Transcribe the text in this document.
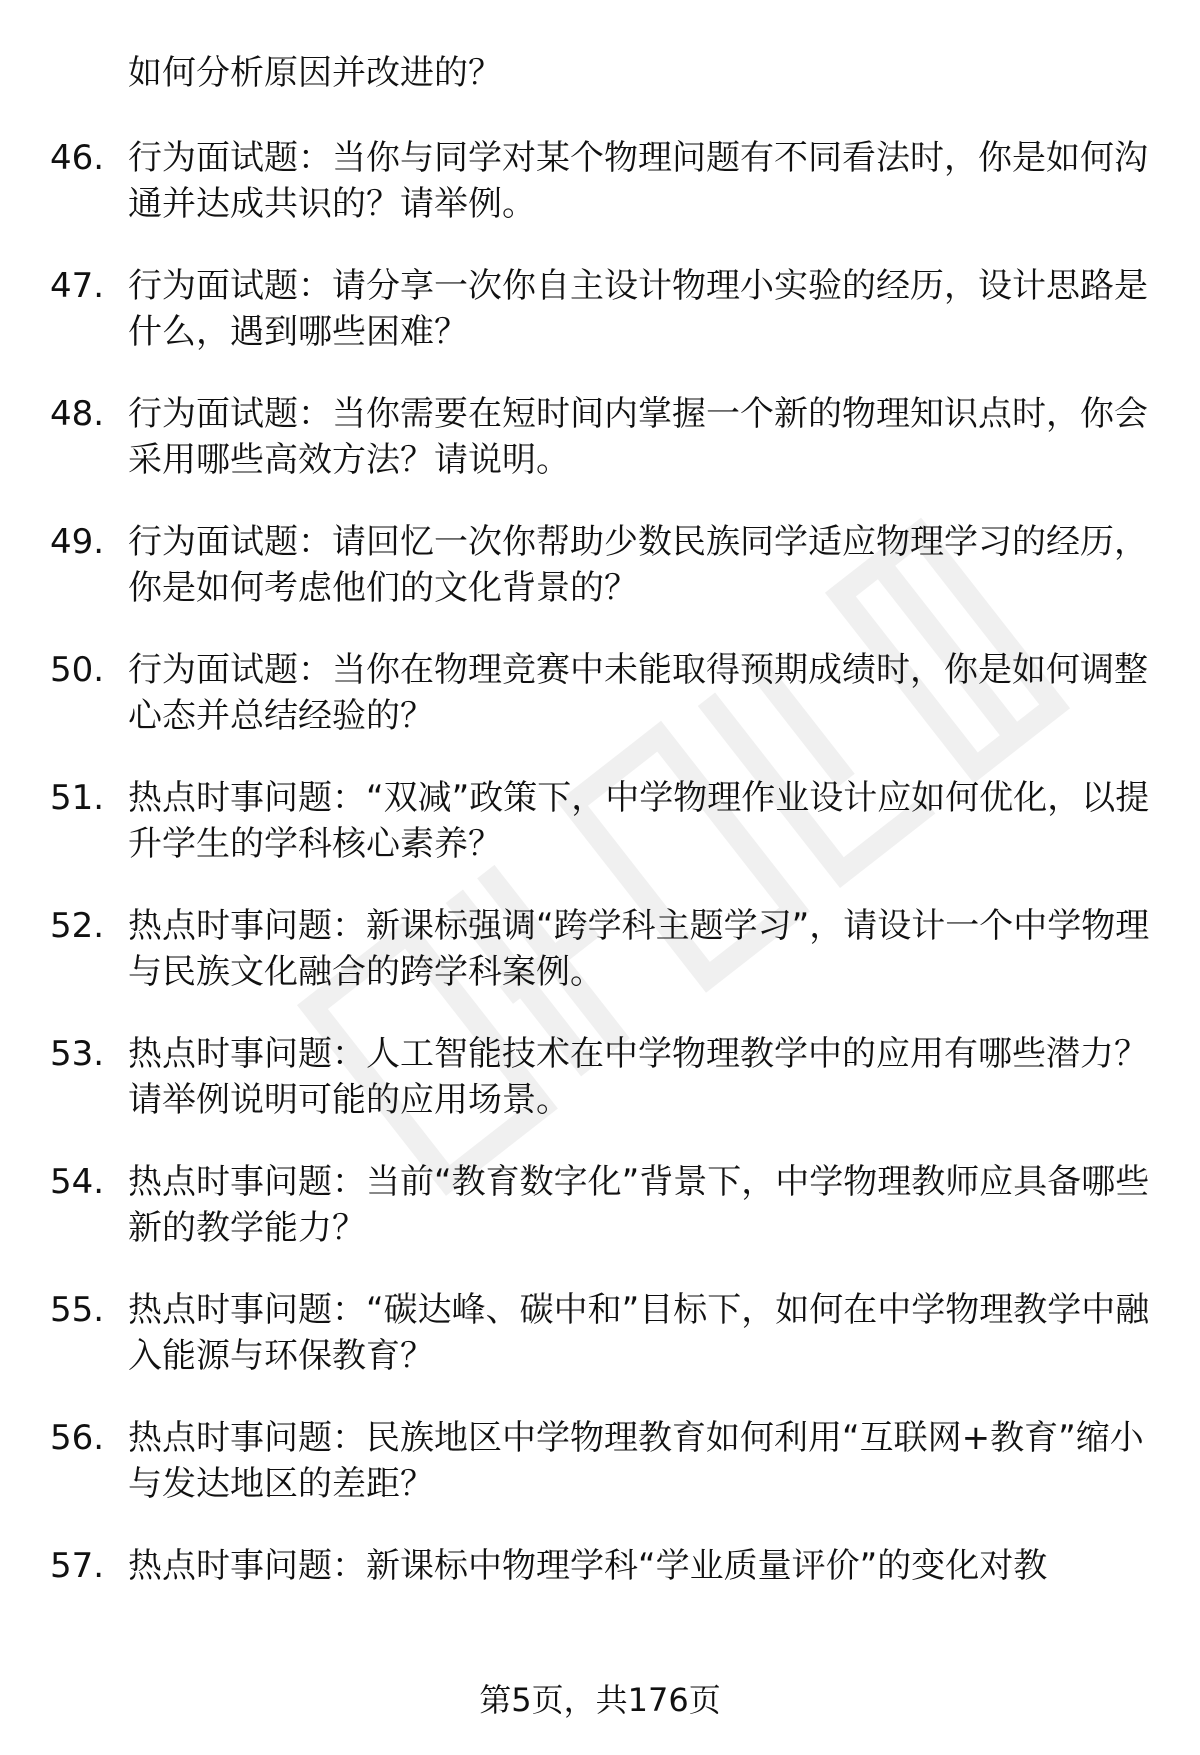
如何分析原因并改进的？

46. 行为面试题：当你与同学对某个物理问题有不同看法时，你是如何沟通并达成共识的？请举例。
47. 行为面试题：请分享一次你自主设计物理小实验的经历，设计思路是什么，遇到哪些困难？
48. 行为面试题：当你需要在短时间内掌握一个新的物理知识点时，你会采用哪些高效方法？请说明。
49. 行为面试题：请回忆一次你帮助少数民族同学适应物理学习的经历，你是如何考虑他们的文化背景的？
50. 行为面试题：当你在物理竞赛中未能取得预期成绩时，你是如何调整心态并总结经验的？
51. 热点时事问题：“双减”政策下，中学物理作业设计应如何优化，以提升学生的学科核心素养？
52. 热点时事问题：新课标强调“跨学科主题学习”，请设计一个中学物理与民族文化融合的跨学科案例。
53. 热点时事问题：人工智能技术在中学物理教学中的应用有哪些潜力？请举例说明可能的应用场景。
54. 热点时事问题：当前“教育数字化”背景下，中学物理教师应具备哪些新的教学能力？
55. 热点时事问题：“碳达峰、碳中和”目标下，如何在中学物理教学中融入能源与环保教育？
56. 热点时事问题：民族地区中学物理教育如何利用“互联网+教育”缩小与发达地区的差距？
57. 热点时事问题：新课标中物理学科“学业质量评价”的变化对教
第5页，共176页
